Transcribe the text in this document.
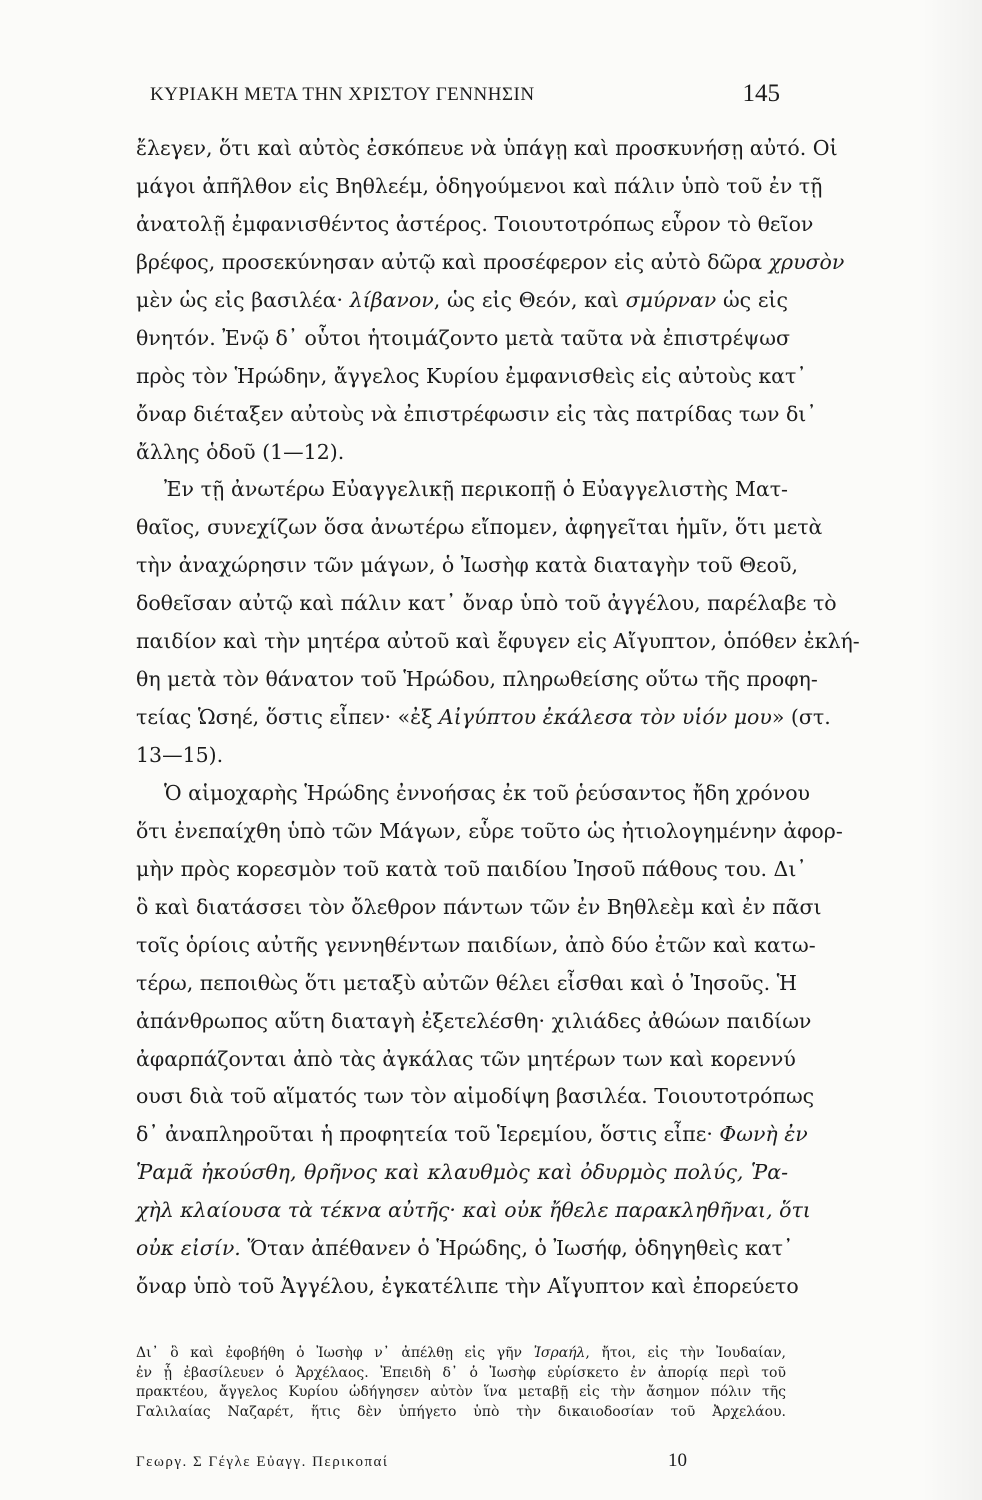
ΚΥΡΙΑΚΗ ΜΕΤΑ ΤΗΝ ΧΡΙΣΤΟΥ ΓΕΝΝΗΣΙΝ	145
ἔλεγεν, ὅτι καὶ αὐτὸς ἐσκόπευε νὰ ὑπάγῃ καὶ προσκυνήσῃ αὐτό. Οἱ
μάγοι ἀπῆλθον εἰς Βηθλεέμ, ὁδηγούμενοι καὶ πάλιν ὑπὸ τοῦ ἐν τῇ
ἀνατολῇ ἐμφανισθέντος ἀστέρος. Τοιουτοτρόπως εὗρον τὸ θεῖον
βρέφος, προσεκύνησαν αὐτῷ καὶ προσέφερον εἰς αὐτὸ δῶρα χρυσὸν
μὲν ὡς εἰς βασιλέα· λίβανον, ὡς εἰς Θεόν, καὶ σμύρναν ὡς εἰς
θνητόν. Ἐνῷ δ᾽ οὗτοι ἡτοιμάζοντο μετὰ ταῦτα νὰ ἐπιστρέψωσ
πρὸς τὸν Ἡρώδην, ἄγγελος Κυρίου ἐμφανισθεὶς εἰς αὐτοὺς κατ᾽
ὄναρ διέταξεν αὐτοὺς νὰ ἐπιστρέφωσιν εἰς τὰς πατρίδας των δι᾽
ἄλλης ὁδοῦ (1—12).
Ἐν τῇ ἀνωτέρω Εὐαγγελικῇ περικοπῇ ὁ Εὐαγγελιστὴς Ματ-
θαῖος, συνεχίζων ὅσα ἀνωτέρω εἴπομεν, ἀφηγεῖται ἡμῖν, ὅτι μετὰ
τὴν ἀναχώρησιν τῶν μάγων, ὁ Ἰωσὴφ κατὰ διαταγὴν τοῦ Θεοῦ,
δοθεῖσαν αὐτῷ καὶ πάλιν κατ᾽ ὄναρ ὑπὸ τοῦ ἀγγέλου, παρέλαβε τὸ
παιδίον καὶ τὴν μητέρα αὐτοῦ καὶ ἔφυγεν εἰς Αἴγυπτον, ὁπόθεν ἐκλή-
θη μετὰ τὸν θάνατον τοῦ Ἡρώδου, πληρωθείσης οὕτω τῆς προφη-
τείας Ὡσηέ, ὅστις εἶπεν· «ἐξ Αἰγύπτου ἐκάλεσα τὸν υἱόν μου» (στ.
13—15).
Ὁ αἱμοχαρὴς Ἡρώδης ἐννοήσας ἐκ τοῦ ῥεύσαντος ἤδη χρόνου
ὅτι ἐνεπαίχθη ὑπὸ τῶν Μάγων, εὗρε τοῦτο ὡς ἠτιολογημένην ἀφορ-
μὴν πρὸς κορεσμὸν τοῦ κατὰ τοῦ παιδίου Ἰησοῦ πάθους του. Δι᾽
ὃ καὶ διατάσσει τὸν ὄλεθρον πάντων τῶν ἐν Βηθλεὲμ καὶ ἐν πᾶσι
τοῖς ὁρίοις αὐτῆς γεννηθέντων παιδίων, ἀπὸ δύο ἐτῶν καὶ κατω-
τέρω, πεποιθὼς ὅτι μεταξὺ αὐτῶν θέλει εἶσθαι καὶ ὁ Ἰησοῦς. Ἡ
ἀπάνθρωπος αὕτη διαταγὴ ἐξετελέσθη· χιλιάδες ἀθώων παιδίων
ἀφαρπάζονται ἀπὸ τὰς ἀγκάλας τῶν μητέρων των καὶ κορεννύ
ουσι διὰ τοῦ αἵματός των τὸν αἱμοδίψη βασιλέα. Τοιουτοτρόπως
δ᾽ ἀναπληροῦται ἡ προφητεία τοῦ Ἱερεμίου, ὅστις εἶπε· Φωνὴ ἐν
Ῥαμᾶ ἠκούσθη, θρῆνος καὶ κλαυθμὸς καὶ ὀδυρμὸς πολύς, Ῥα-
χὴλ κλαίουσα τὰ τέκνα αὐτῆς· καὶ οὐκ ἤθελε παρακληθῆναι, ὅτι
οὐκ εἰσίν. Ὅταν ἀπέθανεν ὁ Ἡρώδης, ὁ Ἰωσήφ, ὁδηγηθεὶς κατ᾽
ὄναρ ὑπὸ τοῦ Ἀγγέλου, ἐγκατέλιπε τὴν Αἴγυπτον καὶ ἐπορεύετο
Δι᾽ ὃ καὶ ἐφοβήθη ὁ Ἰωσὴφ ν᾽ ἀπέλθῃ εἰς γῆν Ἰσραήλ, ἤτοι, εἰς τὴν Ἰουδαίαν,
ἐν ᾗ ἐβασίλευεν ὁ Ἀρχέλαος. Ἐπειδὴ δ᾽ ὁ Ἰωσὴφ εὑρίσκετο ἐν ἀπορίᾳ περὶ τοῦ
πρακτέου, ἄγγελος Κυρίου ὡδήγησεν αὐτὸν ἵνα μεταβῇ εἰς τὴν ἄσημον πόλιν τῆς
Γαλιλαίας Ναζαρέτ, ἥτις δὲν ὑπήγετο ὑπὸ τὴν δικαιοδοσίαν τοῦ Ἀρχελάου.
Γεωργ. Σ Γέγλε Εὐαγγ. Περικοπαί	10
